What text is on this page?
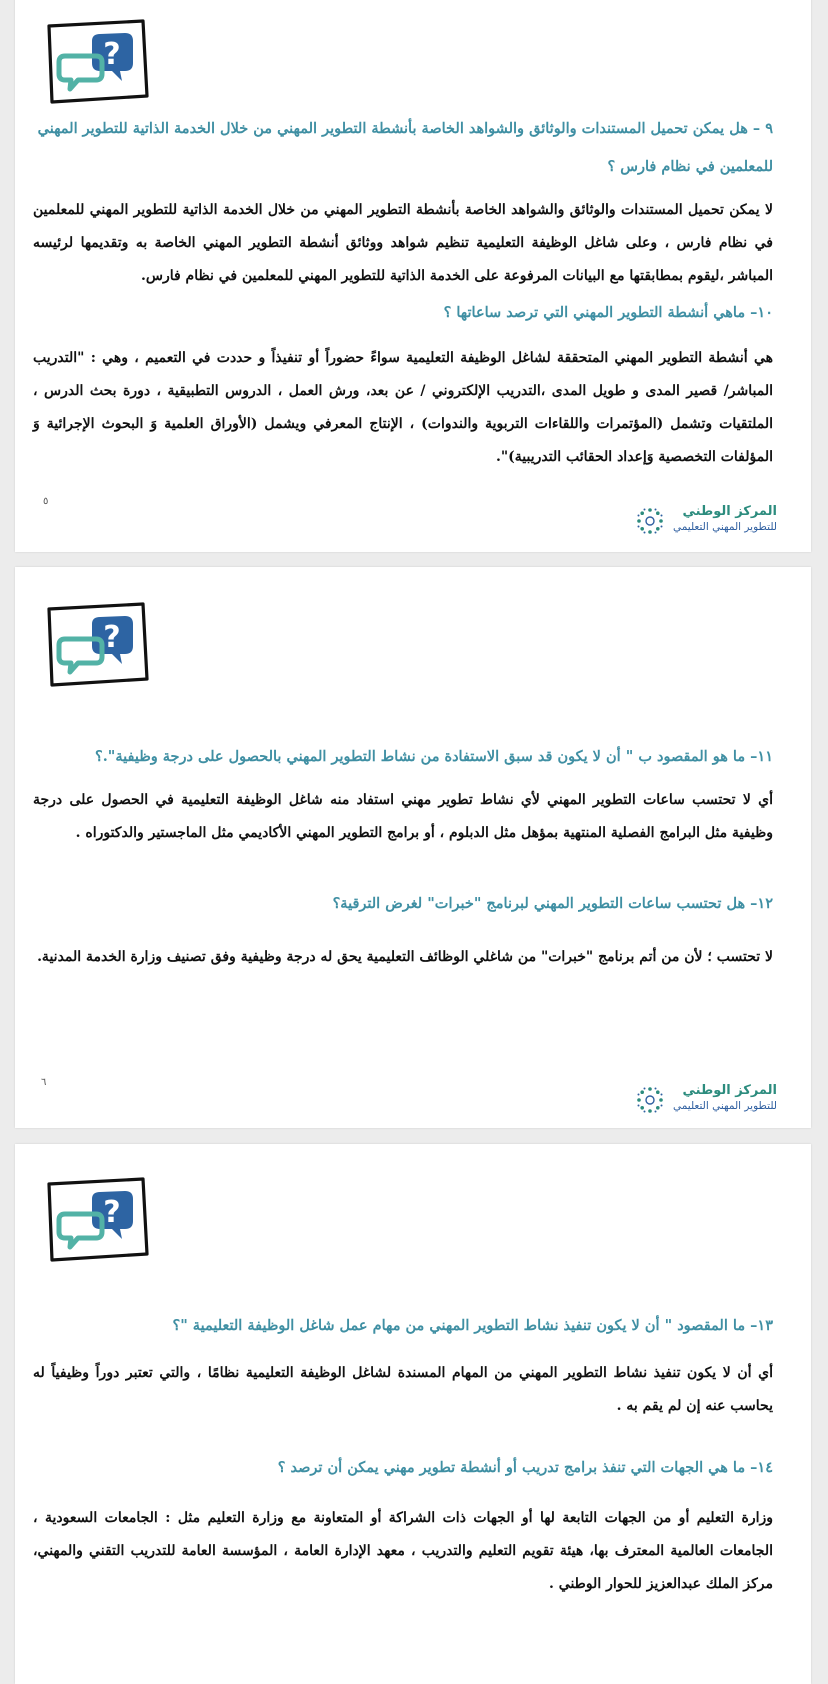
٩ – هل يمكن تحميل المستندات والوثائق والشواهد الخاصة بأنشطة التطوير المهني من خلال الخدمة الذاتية للتطوير المهني للمعلمين في نظام فارس ؟
لا يمكن تحميل المستندات والوثائق والشواهد الخاصة بأنشطة التطوير المهني من خلال الخدمة الذاتية للتطوير المهني للمعلمين في نظام فارس ، وعلى شاغل الوظيفة التعليمية تنظيم شواهد ووثائق أنشطة التطوير المهني الخاصة به وتقديمها لرئيسه المباشر ،ليقوم بمطابقتها مع البيانات المرفوعة على الخدمة الذاتية للتطوير المهني للمعلمين في نظام فارس.
١٠– ماهي أنشطة التطوير المهني التي ترصد ساعاتها ؟
هي أنشطة التطوير المهني المتحققة لشاغل الوظيفة التعليمية سواءً حضوراً أو تنفيذاً و حددت في التعميم ، وهي : "التدريب المباشر/ قصير المدى و طويل المدى ،التدريب الإلكتروني / عن بعد، ورش العمل ، الدروس التطبيقية ، دورة بحث الدرس ، الملتقيات وتشمل (المؤتمرات واللقاءات التربوية والندوات) ، الإنتاج المعرفي ويشمل (الأوراق العلمية وَ البحوث الإجرائية وَ المؤلفات التخصصية وَإعداد الحقائب التدريبية)".
٥
المركز الوطني
للتطوير المهني التعليمي
١١– ما هو المقصود ب " أن لا يكون قد سبق الاستفادة من نشاط التطوير المهني بالحصول على درجة وظيفية".؟
أي لا تحتسب ساعات التطوير المهني لأي نشاط تطوير مهني استفاد منه شاغل الوظيفة التعليمية في الحصول على درجة وظيفية مثل البرامج الفصلية المنتهية بمؤهل مثل الدبلوم ، أو برامج التطوير المهني الأكاديمي مثل الماجستير والدكتوراه .
١٢– هل تحتسب ساعات التطوير المهني لبرنامج "خبرات" لغرض الترقية؟
لا تحتسب ؛ لأن من أتم برنامج "خبرات" من شاغلي الوظائف التعليمية يحق له درجة وظيفية وفق تصنيف وزارة الخدمة المدنية.
٦
المركز الوطني
للتطوير المهني التعليمي
١٣– ما المقصود " أن لا يكون تنفيذ نشاط التطوير المهني من مهام عمل شاغل الوظيفة التعليمية "؟
أي أن لا يكون تنفيذ نشاط التطوير المهني من المهام المسندة لشاغل الوظيفة التعليمية نظامًا ، والتي تعتبر دوراً وظيفياً له يحاسب عنه إن لم يقم به .
١٤– ما هي الجهات التي تنفذ برامج تدريب أو أنشطة تطوير مهني يمكن أن ترصد ؟
وزارة التعليم أو من الجهات التابعة لها أو الجهات ذات الشراكة أو المتعاونة مع وزارة التعليم مثل : الجامعات السعودية ، الجامعات العالمية المعترف بها، هيئة تقويم التعليم والتدريب ، معهد الإدارة العامة ، المؤسسة العامة للتدريب التقني والمهني، مركز الملك عبدالعزيز للحوار الوطني .
